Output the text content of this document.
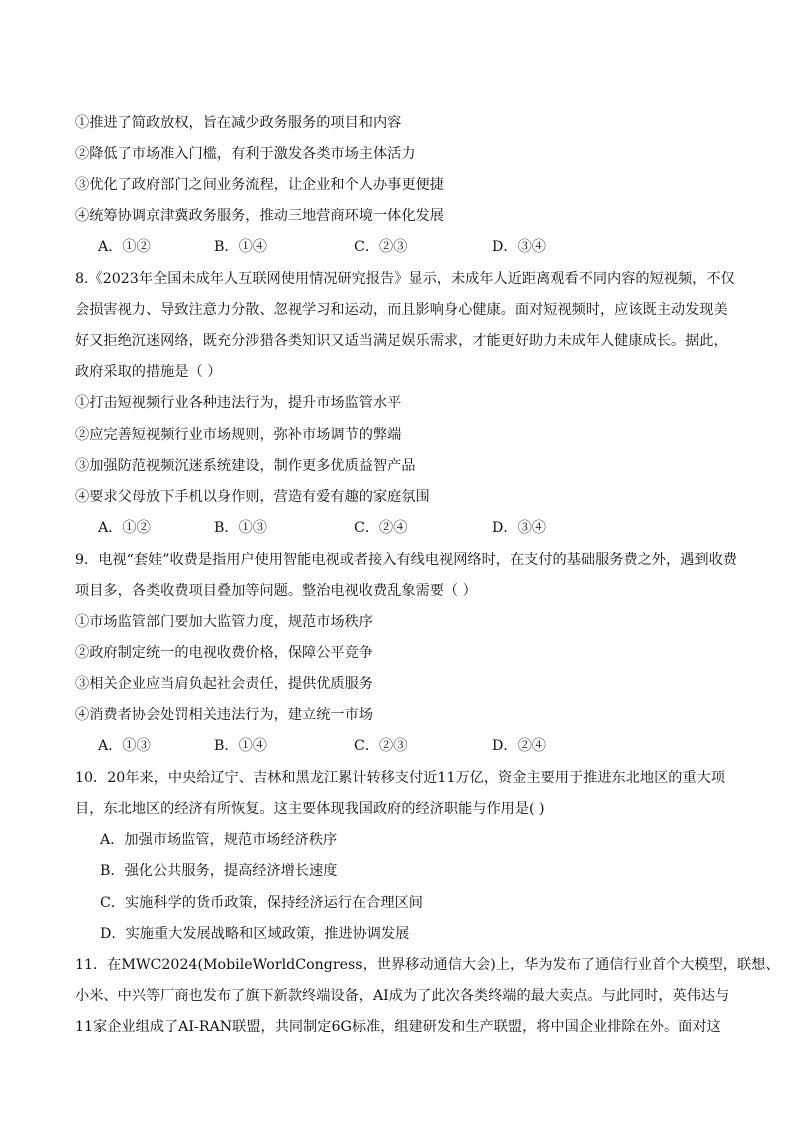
①推进了简政放权，旨在减少政务服务的项目和内容
②降低了市场准入门槛，有利于激发各类市场主体活力
③优化了政府部门之间业务流程，让企业和个人办事更便捷
④统筹协调京津冀政务服务，推动三地营商环境一体化发展
A．①②	B．①④	C．②③	D．③④
8.《2023年全国未成年人互联网使用情况研究报告》显示，未成年人近距离观看不同内容的短视频，不仅
会损害视力、导致注意力分散、忽视学习和运动，而且影响身心健康。面对短视频时，应该既主动发现美
好又拒绝沉迷网络，既充分涉猎各类知识又适当满足娱乐需求，才能更好助力未成年人健康成长。据此，
政府采取的措施是（ ）
①打击短视频行业各种违法行为，提升市场监管水平
②应完善短视频行业市场规则，弥补市场调节的弊端
③加强防范视频沉迷系统建设，制作更多优质益智产品
④要求父母放下手机以身作则，营造有爱有趣的家庭氛围
A．①②	B．①③	C．②④	D．③④
9．电视“套娃”收费是指用户使用智能电视或者接入有线电视网络时，在支付的基础服务费之外，遇到收费
项目多，各类收费项目叠加等问题。整治电视收费乱象需要（ ）
①市场监管部门要加大监管力度，规范市场秩序
②政府制定统一的电视收费价格，保障公平竞争
③相关企业应当肩负起社会责任，提供优质服务
④消费者协会处罚相关违法行为，建立统一市场
A．①③	B．①④	C．②③	D．②④
10．20年来，中央给辽宁、吉林和黑龙江累计转移支付近11万亿，资金主要用于推进东北地区的重大项
目，东北地区的经济有所恢复。这主要体现我国政府的经济职能与作用是( )
A．加强市场监管，规范市场经济秩序
B．强化公共服务，提高经济增长速度
C．实施科学的货币政策，保持经济运行在合理区间
D．实施重大发展战略和区域政策，推进协调发展
11．在MWC2024(MobileWorldCongress，世界移动通信大会)上，华为发布了通信行业首个大模型，联想、
小米、中兴等厂商也发布了旗下新款终端设备，AI成为了此次各类终端的最大卖点。与此同时，英伟达与
11家企业组成了AI-RAN联盟，共同制定6G标准，组建研发和生产联盟，将中国企业排除在外。面对这
